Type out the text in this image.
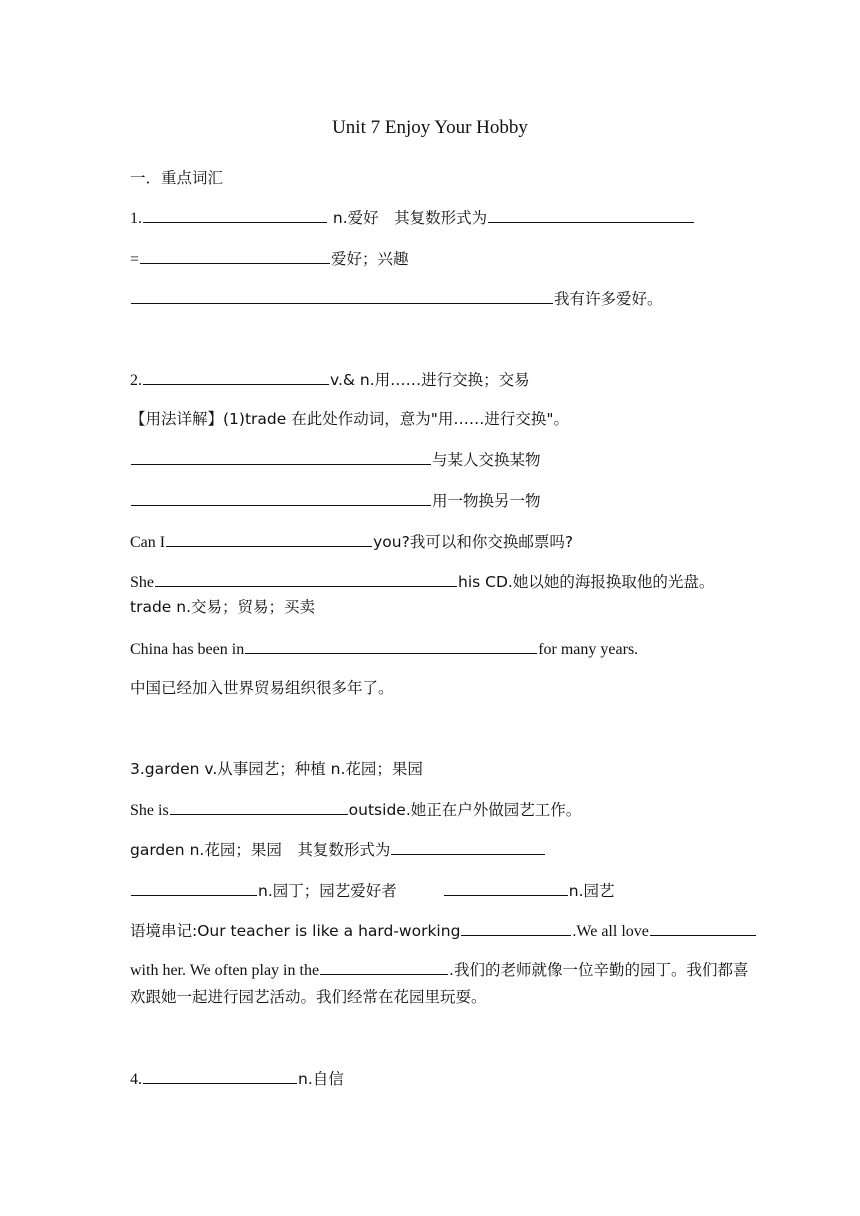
Unit 7 Enjoy Your Hobby
一．重点词汇
1.	n.爱好　其复数形式为
=	爱好；兴趣
我有许多爱好。
2.	v.& n.用……进行交换；交易
【用法详解】(1)trade 在此处作动词，意为"用……进行交换"。
与某人交换某物
用一物换另一物
Can I	you?我可以和你交换邮票吗?
She	his CD.她以她的海报换取他的光盘。
trade n.交易；贸易；买卖
China has been in	for many years.
中国已经加入世界贸易组织很多年了。
3.garden v.从事园艺；种植 n.花园；果园
She is	outside.她正在户外做园艺工作。
garden n.花园；果园　其复数形式为
n.园丁；园艺爱好者	n.园艺
语境串记:Our teacher is like a hard-working	.We all love
with her. We often play in the	.我们的老师就像一位辛勤的园丁。我们都喜欢跟她一起进行园艺活动。我们经常在花园里玩耍。
4.	n.自信
